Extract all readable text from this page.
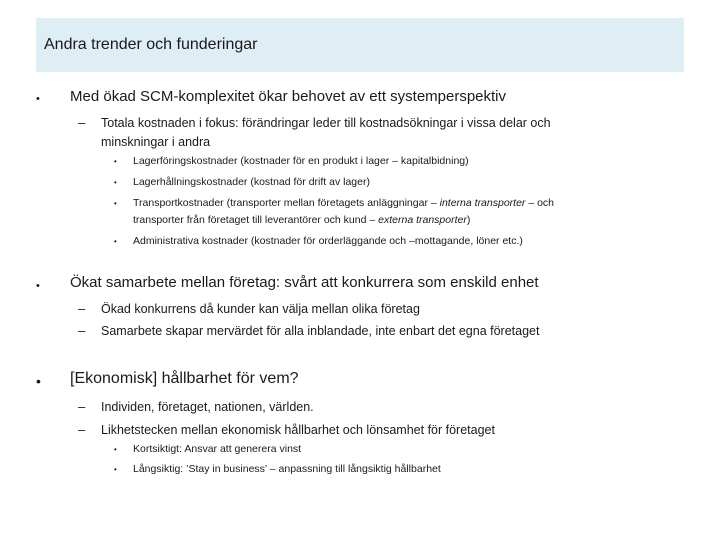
Andra trender och funderingar
• Med ökad SCM-komplexitet ökar behovet av ett systemperspektiv
– Totala kostnaden i fokus: förändringar leder till kostnadsökningar i vissa delar och
minskningar i andra
• Lagerföringskostnader (kostnader för en produkt i lager – kapitalbidning)
• Lagerhållningskostnader (kostnad för drift av lager)
• Transportkostnader (transporter mellan företagets anläggningar – interna transporter – och
transporter från företaget till leverantörer och kund – externa transporter)
• Administrativa kostnader (kostnader för orderläggande och –mottagande, löner etc.)
• Ökat samarbete mellan företag: svårt att konkurrera som enskild enhet
– Ökad konkurrens då kunder kan välja mellan olika företag
– Samarbete skapar mervärdet för alla inblandade, inte enbart det egna företaget
• [Ekonomisk] hållbarhet för vem?
– Individen, företaget, nationen, världen.
– Likhetstecken mellan ekonomisk hållbarhet och lönsamhet för företaget
• Kortsiktigt: Ansvar att generera vinst
• Långsiktig: ’Stay in business’ – anpassning till långsiktig hållbarhet
